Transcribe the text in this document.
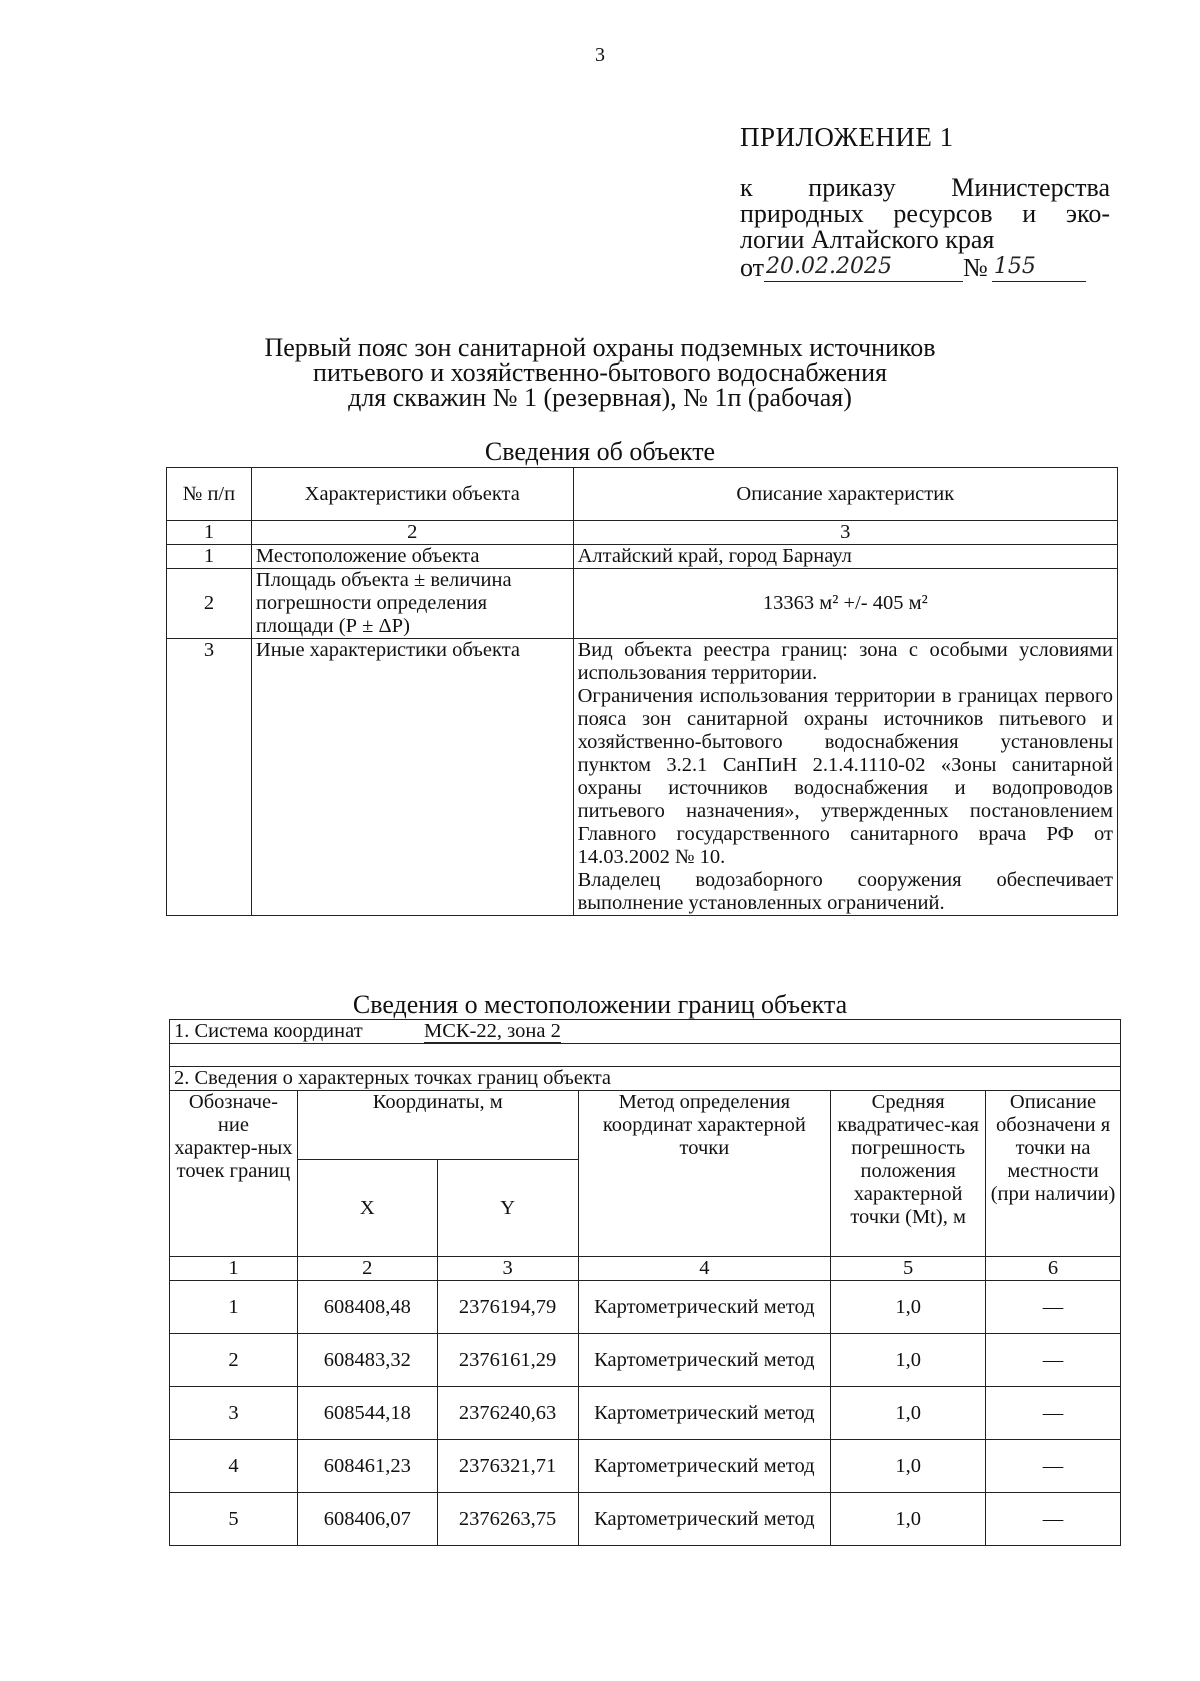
3
ПРИЛОЖЕНИЕ 1
к приказу Министерства
природных ресурсов и эко-
логии Алтайского края
от 20.02.2025	№ 155
Первый пояс зон санитарной охраны подземных источников
питьевого и хозяйственно-бытового водоснабжения
для скважин № 1 (резервная), № 1п (рабочая)
Сведения об объекте
№ п/п	Характеристики объекта	Описание характеристик
1	2	3
1	Местоположение объекта	Алтайский край, город Барнаул
2	Площадь объекта ± величина погрешности определения площади (Р ± ΔР)	13363 м² +/- 405 м²
3	Иные характеристики объекта	Вид объекта реестра границ: зона с особыми условиями использования территории.
Ограничения использования территории в границах первого пояса зон санитарной охраны источников питьевого и хозяйственно-бытового водоснабжения установлены пунктом 3.2.1 СанПиН 2.1.4.1110-02 «Зоны санитарной охраны источников водоснабжения и водопроводов питьевого назначения», утвержденных постановлением Главного государственного санитарного врача РФ от 14.03.2002 № 10.
Владелец водозаборного сооружения обеспечивает выполнение установленных ограничений.
Сведения о местоположении границ объекта
1. Система координат МСК-22, зона 2					

2. Сведения о характерных точках границ объекта					
Обозначе-ние характер-ных точек границ	Координаты, м		Метод определения координат характерной точки	Средняя квадратичес-кая погрешность положения характерной точки (Mt), м	Описание обозначени я точки на местности (при наличии)
	X	Y			
1	2	3	4	5	6
1	608408,48	2376194,79	Картометрический метод	1,0	—
2	608483,32	2376161,29	Картометрический метод	1,0	—
3	608544,18	2376240,63	Картометрический метод	1,0	—
4	608461,23	2376321,71	Картометрический метод	1,0	—
5	608406,07	2376263,75	Картометрический метод	1,0	—
